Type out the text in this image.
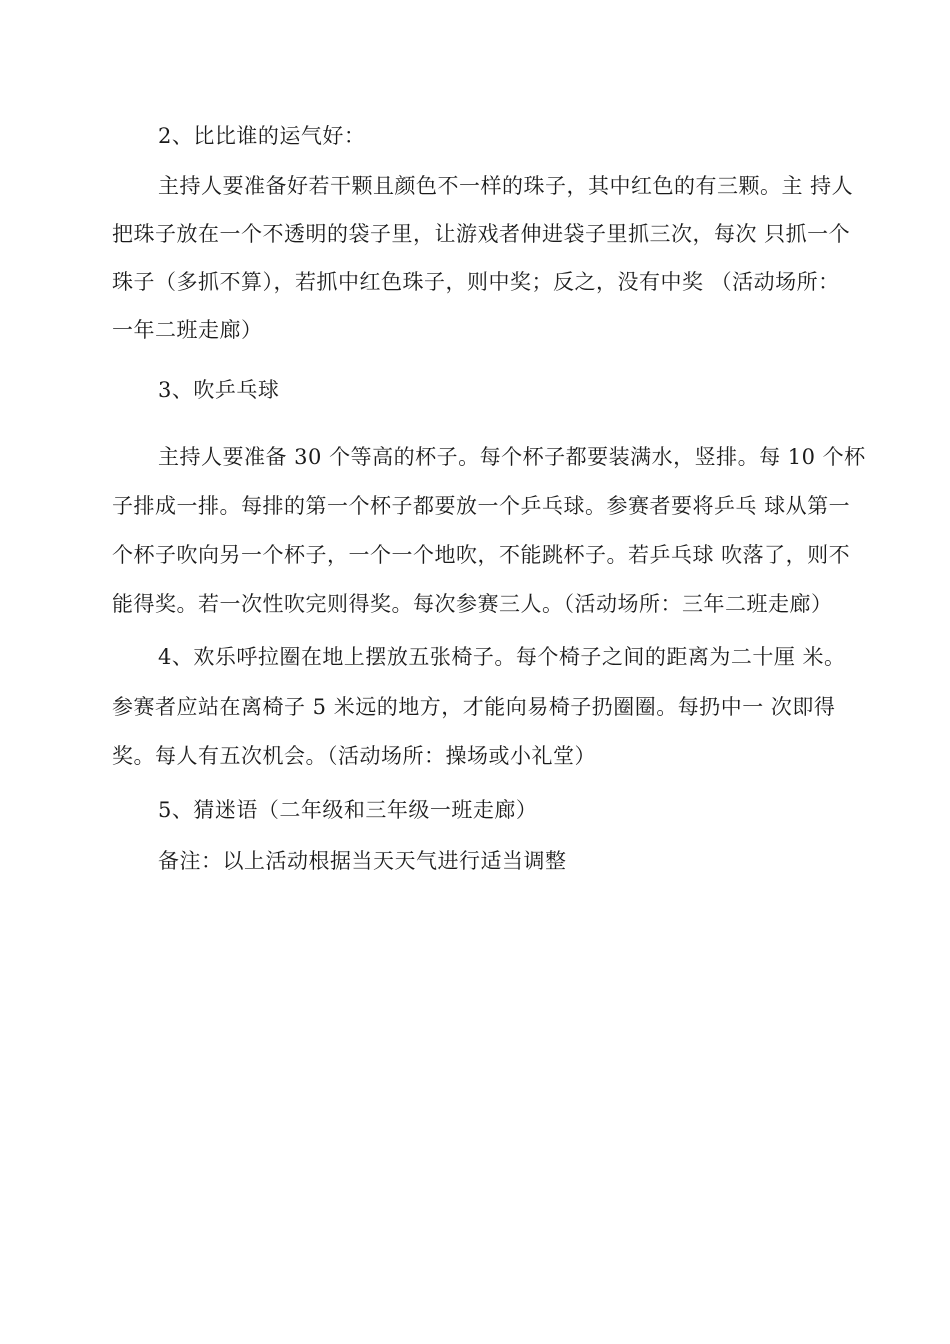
2、比比谁的运气好：
主持人要准备好若干颗且颜色不一样的珠子，其中红色的有三颗。主 持人
把珠子放在一个不透明的袋子里，让游戏者伸进袋子里抓三次，每次 只抓一个
珠子（多抓不算），若抓中红色珠子，则中奖；反之，没有中奖 （活动场所：
一年二班走廊）
3、吹乒乓球
主持人要准备 30 个等高的杯子。每个杯子都要装满水，竖排。每 10 个杯
子排成一排。每排的第一个杯子都要放一个乒乓球。参赛者要将乒乓 球从第一
个杯子吹向另一个杯子，一个一个地吹，不能跳杯子。若乒乓球 吹落了，则不
能得奖。若一次性吹完则得奖。每次参赛三人。（活动场所：三年二班走廊）
4、欢乐呼拉圈在地上摆放五张椅子。每个椅子之间的距离为二十厘 米。
参赛者应站在离椅子 5 米远的地方，才能向易椅子扔圈圈。每扔中一 次即得
奖。每人有五次机会。（活动场所：操场或小礼堂）
5、猜迷语（二年级和三年级一班走廊）
备注：以上活动根据当天天气进行适当调整
